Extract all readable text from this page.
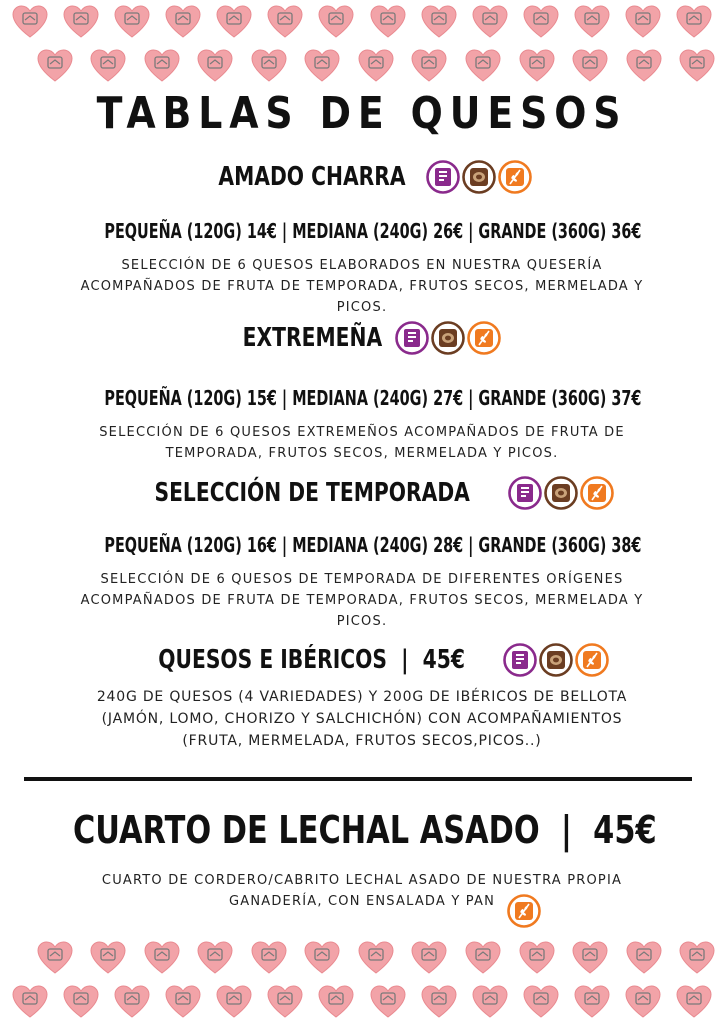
TABLAS DE QUESOS
AMADO CHARRA
PEQUEÑA (120G) 14€ | MEDIANA (240G) 26€ | GRANDE (360G) 36€
SELECCIÓN DE 6 QUESOS ELABORADOS EN NUESTRA QUESERÍA ACOMPAÑADOS DE FRUTA DE TEMPORADA, FRUTOS SECOS, MERMELADA Y PICOS.
EXTREMEÑA
PEQUEÑA (120G) 15€ | MEDIANA (240G) 27€ | GRANDE (360G) 37€
SELECCIÓN DE 6 QUESOS EXTREMEÑOS ACOMPAÑADOS DE FRUTA DE TEMPORADA, FRUTOS SECOS, MERMELADA Y PICOS.
SELECCIÓN DE TEMPORADA
PEQUEÑA (120G) 16€ | MEDIANA (240G) 28€ | GRANDE (360G) 38€
SELECCIÓN DE 6 QUESOS DE TEMPORADA DE DIFERENTES ORÍGENES ACOMPAÑADOS DE FRUTA DE TEMPORADA, FRUTOS SECOS, MERMELADA Y PICOS.
QUESOS E IBÉRICOS  |  45€
240G DE QUESOS (4 VARIEDADES) Y 200G DE IBÉRICOS DE BELLOTA (JAMÓN, LOMO, CHORIZO Y SALCHICHÓN) CON ACOMPAÑAMIENTOS (FRUTA, MERMELADA, FRUTOS SECOS,PICOS..)
CUARTO DE LECHAL ASADO  |  45€
CUARTO DE CORDERO/CABRITO LECHAL ASADO DE NUESTRA PROPIA GANADERÍA, CON ENSALADA Y PAN
